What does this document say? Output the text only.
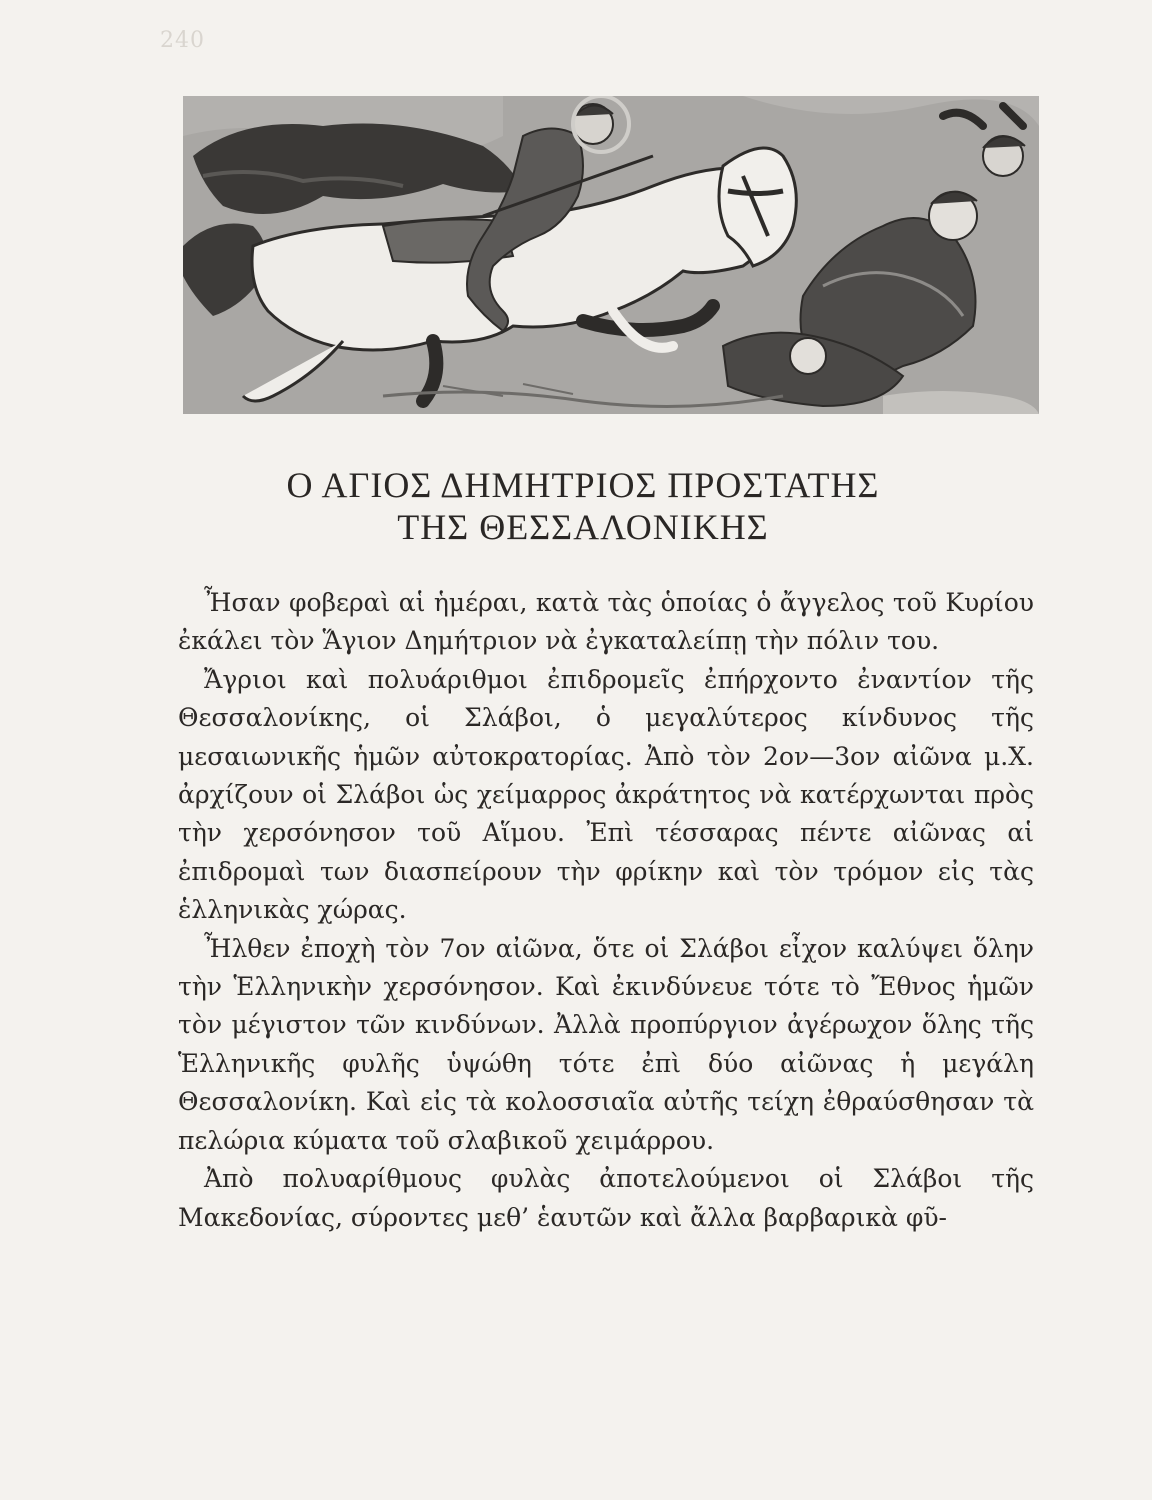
240
Ο ΑΓΙΟΣ ΔΗΜΗΤΡΙΟΣ ΠΡΟΣΤΑΤΗΣ
ΤΗΣ ΘΕΣΣΑΛΟΝΙΚΗΣ

Ἦσαν φοβεραὶ αἱ ἡμέραι, κατὰ τὰς ὁποίας ὁ ἄγγελος τοῦ Κυρίου ἐκάλει τὸν Ἅγιον Δημήτριον νὰ ἐγκαταλείπῃ τὴν πόλιν του.

Ἄγριοι καὶ πολυάριθμοι ἐπιδρομεῖς ἐπήρχοντο ἐναντίον τῆς Θεσσαλονίκης, οἱ Σλάβοι, ὁ μεγαλύτερος κίνδυνος τῆς μεσαιωνικῆς ἡμῶν αὐτοκρατορίας. Ἀπὸ τὸν 2ον—3ον αἰῶνα μ.Χ. ἀρχίζουν οἱ Σλάβοι ὡς χείμαρρος ἀκράτητος νὰ κατέρχωνται πρὸς τὴν χερσόνησον τοῦ Αἵμου. Ἐπὶ τέσσαρας πέντε αἰῶνας αἱ ἐπιδρομαὶ των διασπείρουν τὴν φρίκην καὶ τὸν τρόμον εἰς τὰς ἑλληνικὰς χώρας.

Ἦλθεν ἐποχὴ τὸν 7ον αἰῶνα, ὅτε οἱ Σλάβοι εἶχον καλύψει ὅλην τὴν Ἑλληνικὴν χερσόνησον. Καὶ ἐκινδύνευε τότε τὸ Ἔθνος ἡμῶν τὸν μέγιστον τῶν κινδύνων. Ἀλλὰ προπύργιον ἀγέρωχον ὅλης τῆς Ἑλληνικῆς φυλῆς ὑψώθη τότε ἐπὶ δύο αἰῶνας ἡ μεγάλη Θεσσαλονίκη. Καὶ εἰς τὰ κολοσσιαῖα αὐτῆς τείχη ἐθραύσθησαν τὰ πελώρια κύματα τοῦ σλαβικοῦ χειμάρρου.

Ἀπὸ πολυαρίθμους φυλὰς ἀποτελούμενοι οἱ Σλάβοι τῆς Μακεδονίας, σύροντες μεθ’ ἑαυτῶν καὶ ἄλλα βαρβαρικὰ φῦ-
